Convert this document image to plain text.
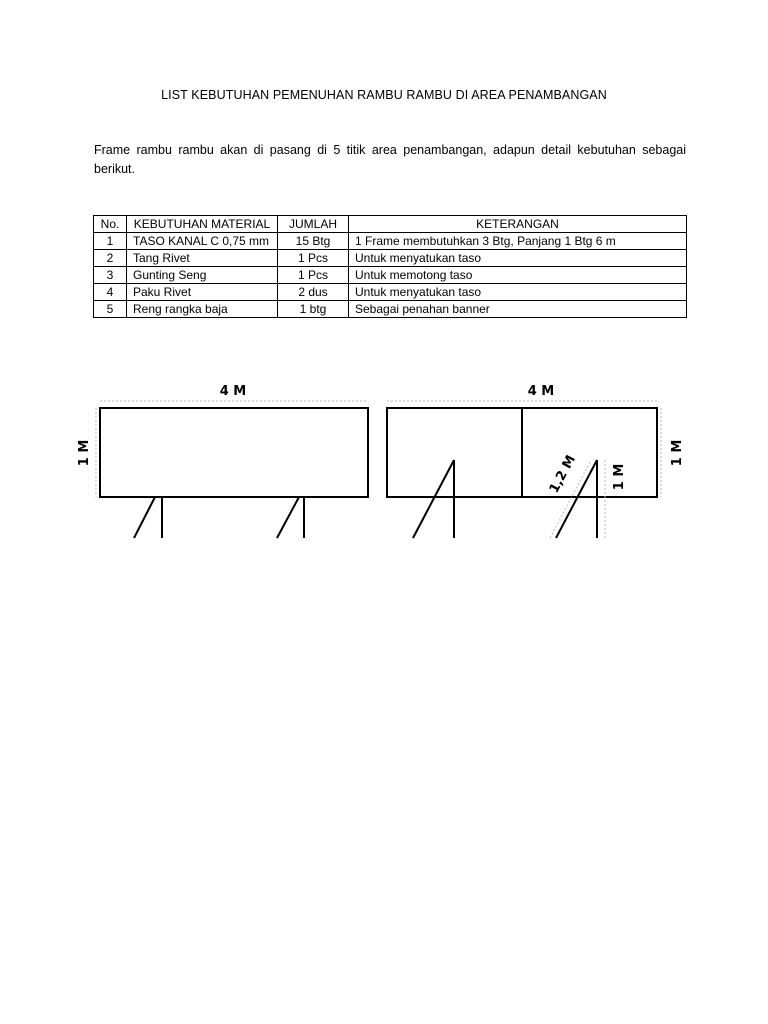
LIST KEBUTUHAN PEMENUHAN RAMBU RAMBU DI AREA PENAMBANGAN
Frame rambu rambu akan di pasang di 5 titik area penambangan, adapun detail kebutuhan sebagai berikut.
No.	KEBUTUHAN MATERIAL	JUMLAH	KETERANGAN
1	TASO KANAL C 0,75 mm	15 Btg	1 Frame membutuhkan 3 Btg, Panjang 1 Btg 6 m
2	Tang Rivet	1 Pcs	Untuk menyatukan taso
3	Gunting Seng	1 Pcs	Untuk memotong taso
4	Paku Rivet	2 dus	Untuk menyatukan taso
5	Reng rangka baja	1 btg	Sebagai penahan banner
4 M
1 M
4 M
1 M
1,2 M	1 M
